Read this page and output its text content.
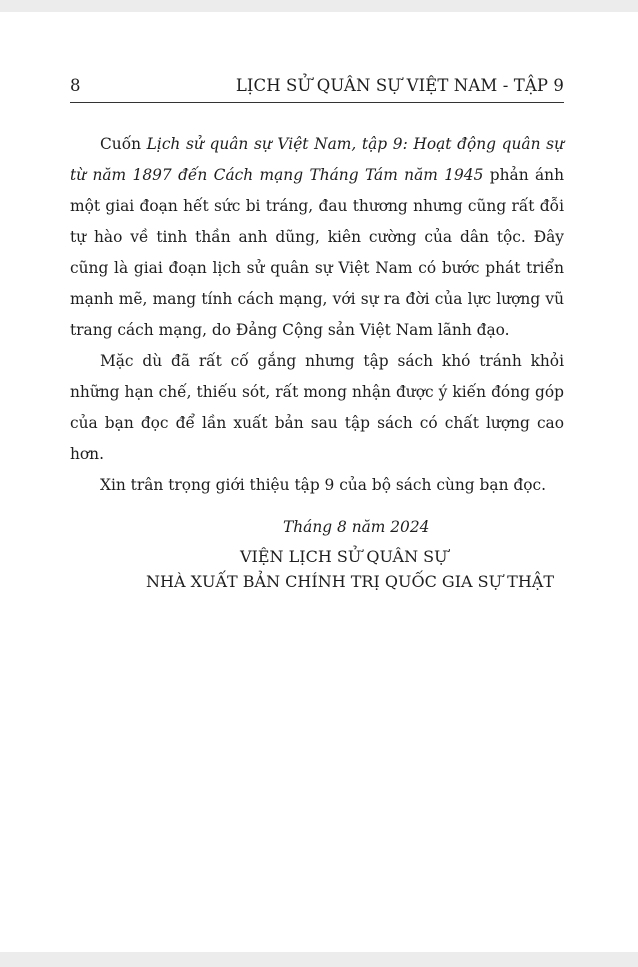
8	LỊCH SỬ QUÂN SỰ VIỆT NAM - TẬP 9

Cuốn Lịch sử quân sự Việt Nam, tập 9: Hoạt động quân sự từ năm 1897 đến Cách mạng Tháng Tám năm 1945 phản ánh một giai đoạn hết sức bi tráng, đau thương nhưng cũng rất đỗi tự hào về tinh thần anh dũng, kiên cường của dân tộc. Đây cũng là giai đoạn lịch sử quân sự Việt Nam có bước phát triển mạnh mẽ, mang tính cách mạng, với sự ra đời của lực lượng vũ trang cách mạng, do Đảng Cộng sản Việt Nam lãnh đạo.

Mặc dù đã rất cố gắng nhưng tập sách khó tránh khỏi những hạn chế, thiếu sót, rất mong nhận được ý kiến đóng góp của bạn đọc để lần xuất bản sau tập sách có chất lượng cao hơn.

Xin trân trọng giới thiệu tập 9 của bộ sách cùng bạn đọc.

Tháng 8 năm 2024
VIỆN LỊCH SỬ QUÂN SỰ
NHÀ XUẤT BẢN CHÍNH TRỊ QUỐC GIA SỰ THẬT
